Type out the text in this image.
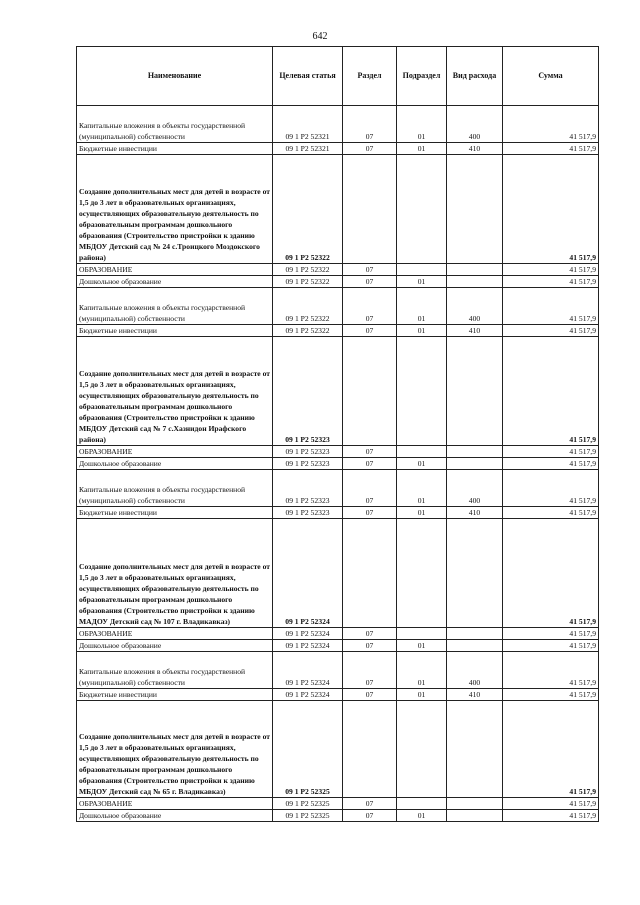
642
Наименование	Целевая статья	Раздел	Подраздел	Вид расхода	Сумма
Капитальные вложения в объекты государственной (муниципальной) собственности	09 1 P2 52321	07	01	400	41 517,9
Бюджетные инвестиции	09 1 P2 52321	07	01	410	41 517,9
Создание дополнительных мест для детей в возрасте от 1,5 до 3 лет в образовательных организациях, осуществляющих образовательную деятельность по образовательным программам дошкольного образования (Строительство пристройки к зданию МБДОУ Детский сад № 24 с.Троицкого Моздокского района)	09 1 P2 52322				41 517,9
ОБРАЗОВАНИЕ	09 1 P2 52322	07			41 517,9
Дошкольное образование	09 1 P2 52322	07	01		41 517,9
Капитальные вложения в объекты государственной (муниципальной) собственности	09 1 P2 52322	07	01	400	41 517,9
Бюджетные инвестиции	09 1 P2 52322	07	01	410	41 517,9
Создание дополнительных мест для детей в возрасте от 1,5 до 3 лет в образовательных организациях, осуществляющих образовательную деятельность по образовательным программам дошкольного образования (Строительство пристройки к зданию МБДОУ Детский сад № 7 с.Хазнидон Ирафского района)	09 1 P2 52323				41 517,9
ОБРАЗОВАНИЕ	09 1 P2 52323	07			41 517,9
Дошкольное образование	09 1 P2 52323	07	01		41 517,9
Капитальные вложения в объекты государственной (муниципальной) собственности	09 1 P2 52323	07	01	400	41 517,9
Бюджетные инвестиции	09 1 P2 52323	07	01	410	41 517,9
Создание дополнительных мест для детей в возрасте от 1,5 до 3 лет в образовательных организациях, осуществляющих образовательную деятельность по образовательным программам дошкольного образования (Строительство пристройки к зданию МАДОУ Детский сад № 107 г. Владикавказ)	09 1 P2 52324				41 517,9
ОБРАЗОВАНИЕ	09 1 P2 52324	07			41 517,9
Дошкольное образование	09 1 P2 52324	07	01		41 517,9
Капитальные вложения в объекты государственной (муниципальной) собственности	09 1 P2 52324	07	01	400	41 517,9
Бюджетные инвестиции	09 1 P2 52324	07	01	410	41 517,9
Создание дополнительных мест для детей в возрасте от 1,5 до 3 лет в образовательных организациях, осуществляющих образовательную деятельность по образовательным программам дошкольного образования (Строительство пристройки к зданию МБДОУ Детский сад № 65 г. Владикавказ)	09 1 P2 52325				41 517,9
ОБРАЗОВАНИЕ	09 1 P2 52325	07			41 517,9
Дошкольное образование	09 1 P2 52325	07	01		41 517,9
